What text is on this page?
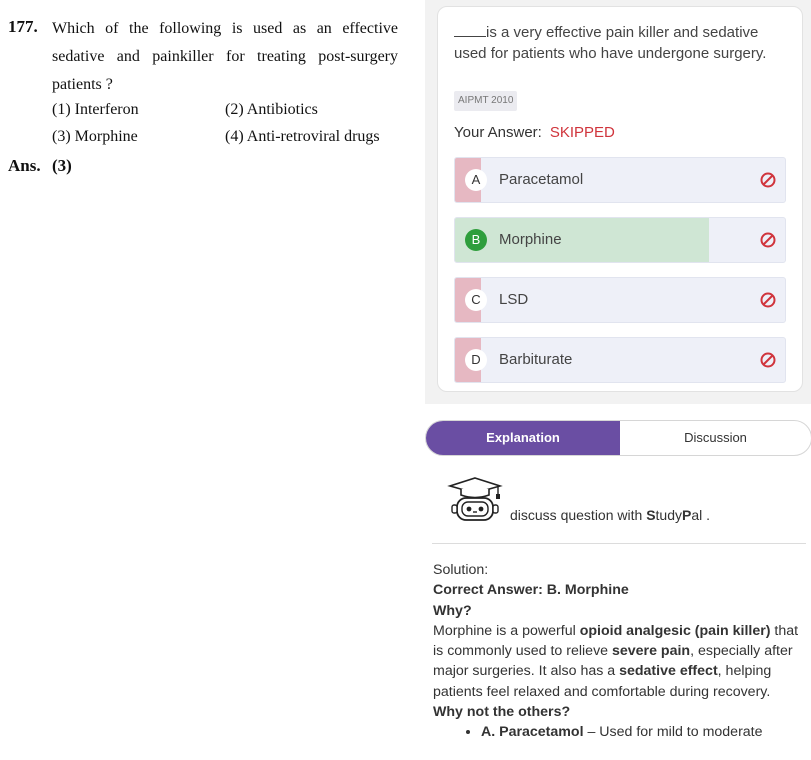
177. Which of the following is used as an effective sedative and painkiller for treating post-surgery patients ?
(1) Interferon	(2) Antibiotics
(3) Morphine	(4) Anti-retroviral drugs
Ans. (3)
is a very effective pain killer and sedative used for patients who have undergone surgery.
AIPMT 2010
Your Answer: SKIPPED
A	Paracetamol
B	Morphine
C	LSD
D	Barbiturate
Explanation	Discussion
discuss question with StudyPal .
Solution:
Correct Answer: B. Morphine
Why?
Morphine is a powerful opioid analgesic (pain killer) that is commonly used to relieve severe pain, especially after major surgeries. It also has a sedative effect, helping patients feel relaxed and comfortable during recovery.
Why not the others?
• A. Paracetamol – Used for mild to moderate
